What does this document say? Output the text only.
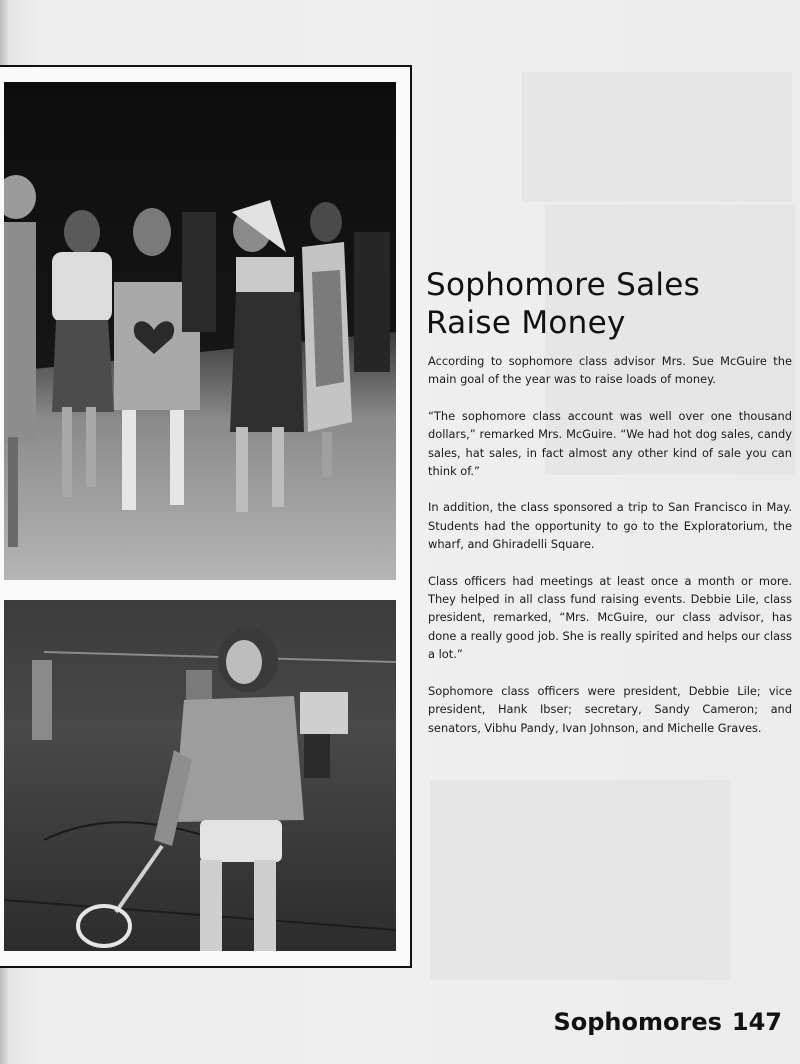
Sophomore Sales
Raise Money

According to sophomore class advisor Mrs. Sue McGuire the main goal of the year was to raise loads of money.

“The sophomore class account was well over one thousand dollars,” remarked Mrs. McGuire. “We had hot dog sales, candy sales, hat sales, in fact almost any other kind of sale you can think of.”

In addition, the class sponsored a trip to San Francisco in May. Students had the opportunity to go to the Exploratorium, the wharf, and Ghiradelli Square.

Class officers had meetings at least once a month or more. They helped in all class fund raising events. Debbie Lile, class president, remarked, “Mrs. McGuire, our class advisor, has done a really good job. She is really spirited and helps our class a lot.”

Sophomore class officers were president, Debbie Lile; vice president, Hank Ibser; secretary, Sandy Cameron; and senators, Vibhu Pandy, Ivan Johnson, and Michelle Graves.

Sophomores 147
